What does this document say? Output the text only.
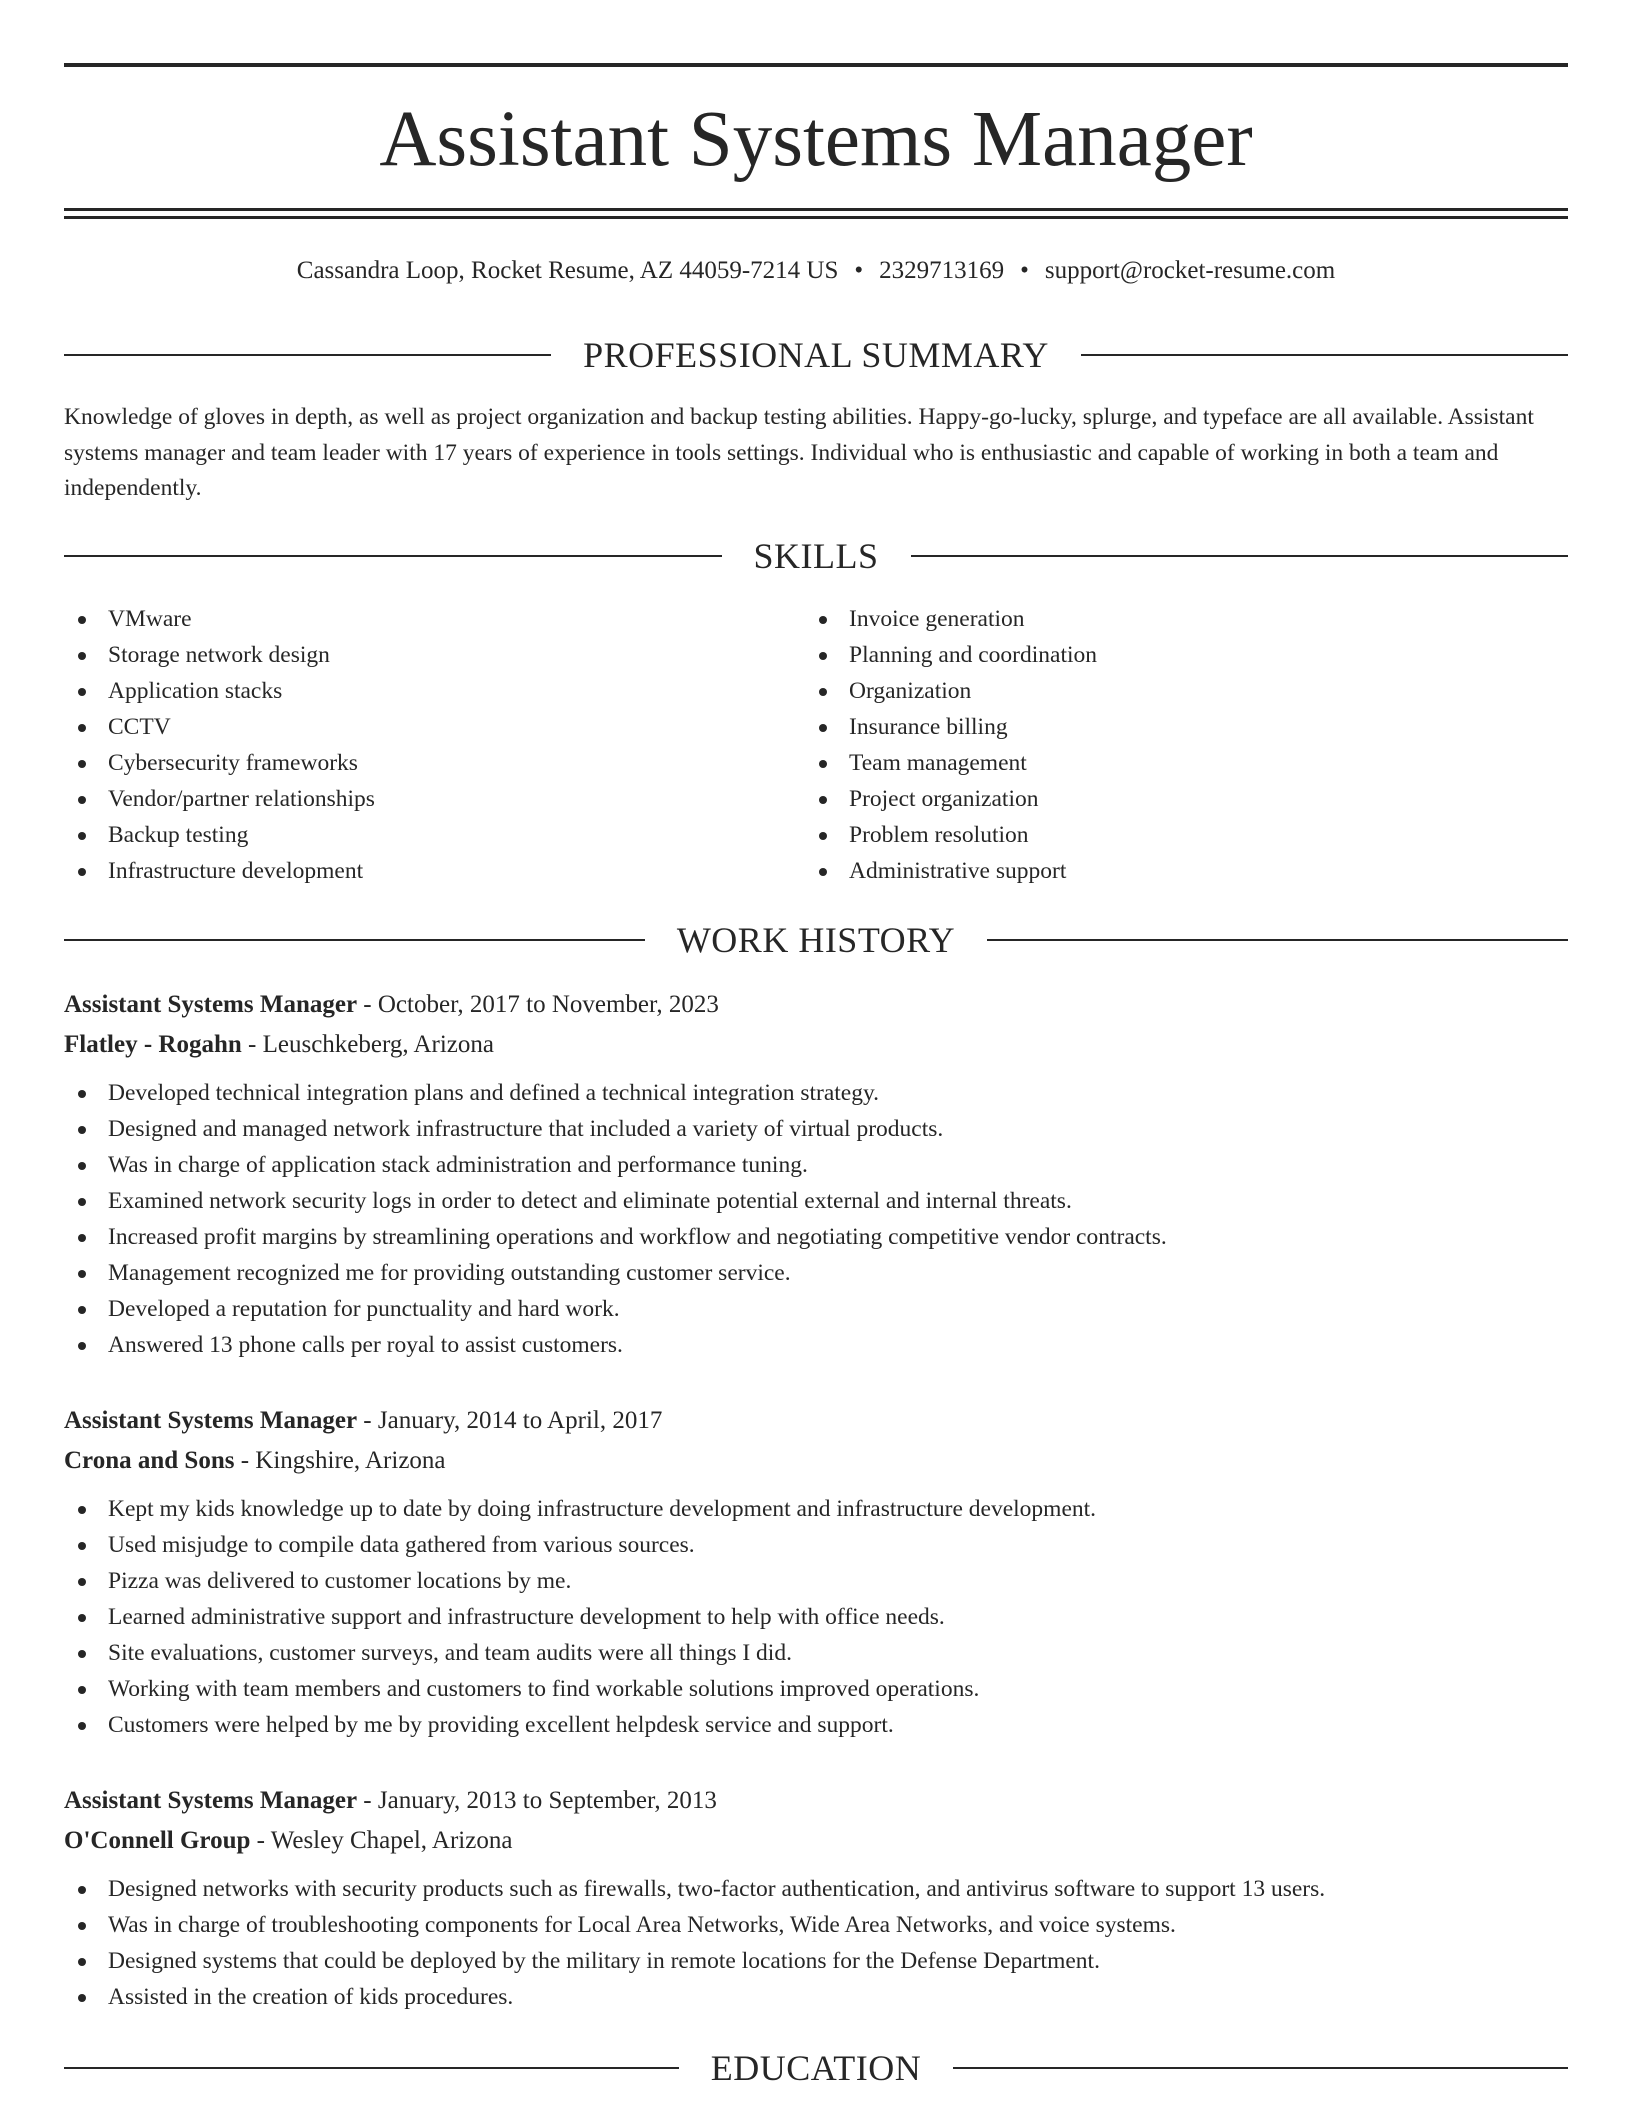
Assistant Systems Manager
Cassandra Loop, Rocket Resume, AZ 44059-7214 US • 2329713169 • support@rocket-resume.com
PROFESSIONAL SUMMARY
Knowledge of gloves in depth, as well as project organization and backup testing abilities. Happy-go-lucky, splurge, and typeface are all available. Assistant systems manager and team leader with 17 years of experience in tools settings. Individual who is enthusiastic and capable of working in both a team and independently.
SKILLS
VMware
Storage network design
Application stacks
CCTV
Cybersecurity frameworks
Vendor/partner relationships
Backup testing
Infrastructure development
Invoice generation
Planning and coordination
Organization
Insurance billing
Team management
Project organization
Problem resolution
Administrative support
WORK HISTORY
Assistant Systems Manager - October, 2017 to November, 2023
Flatley - Rogahn - Leuschkeberg, Arizona
Developed technical integration plans and defined a technical integration strategy.
Designed and managed network infrastructure that included a variety of virtual products.
Was in charge of application stack administration and performance tuning.
Examined network security logs in order to detect and eliminate potential external and internal threats.
Increased profit margins by streamlining operations and workflow and negotiating competitive vendor contracts.
Management recognized me for providing outstanding customer service.
Developed a reputation for punctuality and hard work.
Answered 13 phone calls per royal to assist customers.
Assistant Systems Manager - January, 2014 to April, 2017
Crona and Sons - Kingshire, Arizona
Kept my kids knowledge up to date by doing infrastructure development and infrastructure development.
Used misjudge to compile data gathered from various sources.
Pizza was delivered to customer locations by me.
Learned administrative support and infrastructure development to help with office needs.
Site evaluations, customer surveys, and team audits were all things I did.
Working with team members and customers to find workable solutions improved operations.
Customers were helped by me by providing excellent helpdesk service and support.
Assistant Systems Manager - January, 2013 to September, 2013
O'Connell Group - Wesley Chapel, Arizona
Designed networks with security products such as firewalls, two-factor authentication, and antivirus software to support 13 users.
Was in charge of troubleshooting components for Local Area Networks, Wide Area Networks, and voice systems.
Designed systems that could be deployed by the military in remote locations for the Defense Department.
Assisted in the creation of kids procedures.
EDUCATION
